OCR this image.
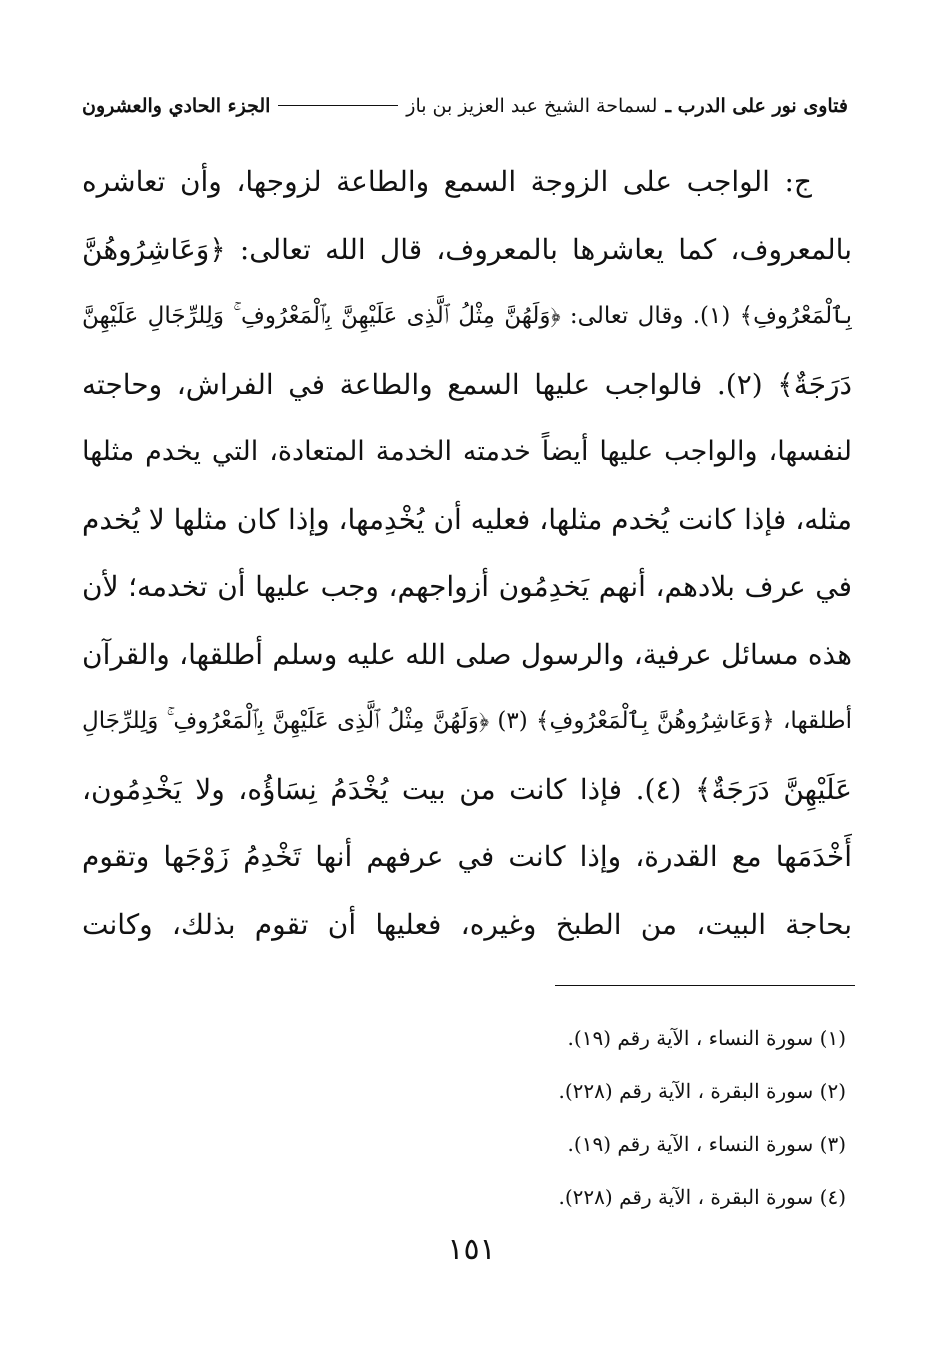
فتاوى نور على الدرب ـ
لسماحة الشيخ عبد العزيز بن باز
الجزء الحادي والعشرون
ج: الواجب على الزوجة السمع والطاعة لزوجها، وأن تعاشره
بالمعروف، كما يعاشرها بالمعروف، قال الله تعالى: ﴿وَعَاشِرُوهُنَّ
بِٱلْمَعْرُوفِ﴾ (١). وقال تعالى: ﴿وَلَهُنَّ مِثْلُ ٱلَّذِى عَلَيْهِنَّ بِٱلْمَعْرُوفِ ۚ وَلِلرِّجَالِ عَلَيْهِنَّ
دَرَجَةٌ﴾ (٢). فالواجب عليها السمع والطاعة في الفراش، وحاجته
لنفسها، والواجب عليها أيضاً خدمته الخدمة المتعادة، التي يخدم مثلها
مثله، فإذا كانت يُخدم مثلها، فعليه أن يُخْدِمها، وإذا كان مثلها لا يُخدم
في عرف بلادهم، أنهم يَخدِمُون أزواجهم، وجب عليها أن تخدمه؛ لأن
هذه مسائل عرفية، والرسول صلى الله عليه وسلم أطلقها، والقرآن
أطلقها، ﴿وَعَاشِرُوهُنَّ بِٱلْمَعْرُوفِ﴾ (٣) ﴿وَلَهُنَّ مِثْلُ ٱلَّذِى عَلَيْهِنَّ بِٱلْمَعْرُوفِ ۚ وَلِلرِّجَالِ
عَلَيْهِنَّ دَرَجَةٌ﴾ (٤). فإذا كانت من بيت يُخْدَمُ نِسَاؤُه، ولا يَخْدِمُون،
أَخْدَمَها مع القدرة، وإذا كانت في عرفهم أنها تَخْدِمُ زَوْجَها وتقوم
بحاجة البيت، من الطبخ وغيره، فعليها أن تقوم بذلك، وكانت
(١) سورة النساء ، الآية رقم (١٩).
(٢) سورة البقرة ، الآية رقم (٢٢٨).
(٣) سورة النساء ، الآية رقم (١٩).
(٤) سورة البقرة ، الآية رقم (٢٢٨).
١٥١
